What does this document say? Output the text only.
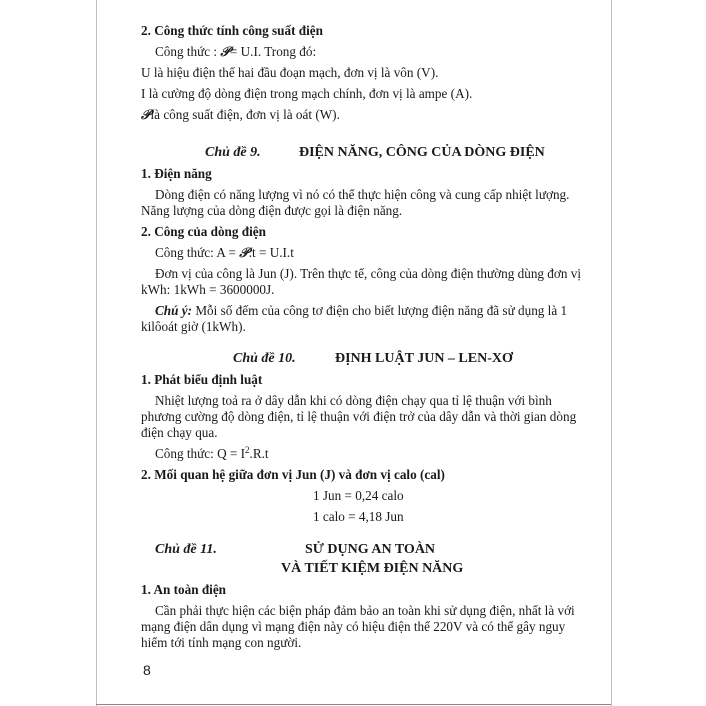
2. Công thức tính công suất điện
Công thức : 𝒫= U.I. Trong đó:
U là hiệu điện thế hai đầu đoạn mạch, đơn vị là vôn (V).
I là cường độ dòng điện trong mạch chính, đơn vị là ampe (A).
𝒫là công suất điện, đơn vị là oát (W).
Chủ đề 9.	ĐIỆN NĂNG, CÔNG CỦA DÒNG ĐIỆN
1. Điện năng
Dòng điện có năng lượng vì nó có thể thực hiện công và cung cấp nhiệt lượng.
Năng lượng của dòng điện được gọi là điện năng.
2. Công của dòng điện
Công thức: A = 𝒫.t = U.I.t
Đơn vị của công là Jun (J). Trên thực tế, công của dòng điện thường dùng đơn vị
kWh: 1kWh = 3600000J.
Chú ý: Mỗi số đếm của công tơ điện cho biết lượng điện năng đã sử dụng là 1
kilôoát giờ (1kWh).
Chủ đề 10.	ĐỊNH LUẬT JUN – LEN-XƠ
1. Phát biểu định luật
Nhiệt lượng toả ra ở dây dẫn khi có dòng điện chạy qua tỉ lệ thuận với bình
phương cường độ dòng điện, tỉ lệ thuận với điện trở của dây dẫn và thời gian dòng
điện chạy qua.
Công thức: $Q = I^2.R.t$
2. Mối quan hệ giữa đơn vị Jun (J) và đơn vị calo (cal)
1 Jun = 0,24 calo
1 calo = 4,18 Jun
Chủ đề 11.	SỬ DỤNG AN TOÀN
VÀ TIẾT KIỆM ĐIỆN NĂNG
1. An toàn điện
Cần phải thực hiện các biện pháp đảm bảo an toàn khi sử dụng điện, nhất là với
mạng điện dân dụng vì mạng điện này có hiệu điện thế 220V và có thể gây nguy
hiểm tới tính mạng con người.
8
